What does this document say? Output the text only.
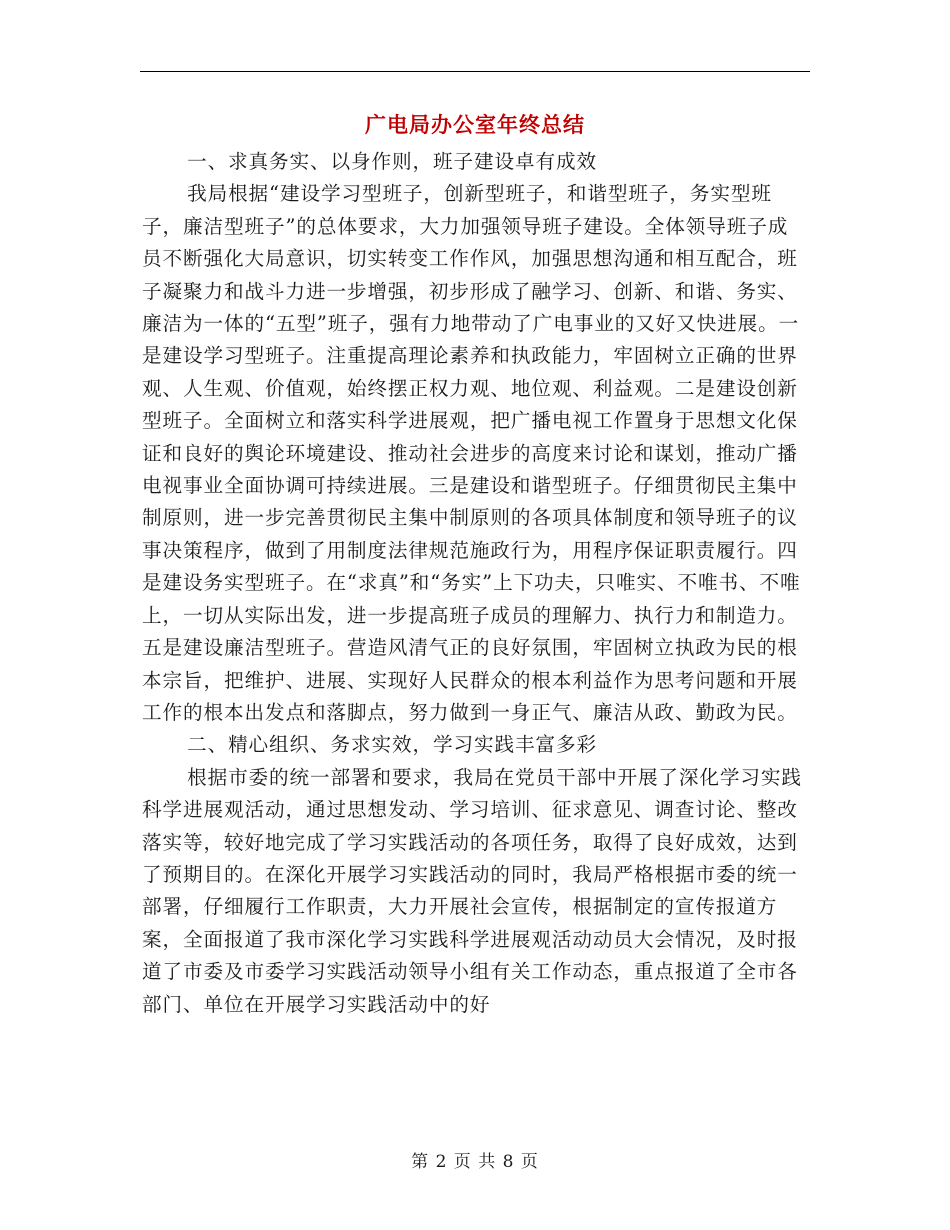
广电局办公室年终总结

一、求真务实、以身作则，班子建设卓有成效

我局根据“建设学习型班子，创新型班子，和谐型班子，务实型班子，廉洁型班子”的总体要求，大力加强领导班子建设。全体领导班子成员不断强化大局意识，切实转变工作作风，加强思想沟通和相互配合，班子凝聚力和战斗力进一步增强，初步形成了融学习、创新、和谐、务实、廉洁为一体的“五型”班子，强有力地带动了广电事业的又好又快进展。一是建设学习型班子。注重提高理论素养和执政能力，牢固树立正确的世界观、人生观、价值观，始终摆正权力观、地位观、利益观。二是建设创新型班子。全面树立和落实科学进展观，把广播电视工作置身于思想文化保证和良好的舆论环境建设、推动社会进步的高度来讨论和谋划，推动广播电视事业全面协调可持续进展。三是建设和谐型班子。仔细贯彻民主集中制原则，进一步完善贯彻民主集中制原则的各项具体制度和领导班子的议事决策程序，做到了用制度法律规范施政行为，用程序保证职责履行。四是建设务实型班子。在“求真”和“务实”上下功夫，只唯实、不唯书、不唯上，一切从实际出发，进一步提高班子成员的理解力、执行力和制造力。五是建设廉洁型班子。营造风清气正的良好氛围，牢固树立执政为民的根本宗旨，把维护、进展、实现好人民群众的根本利益作为思考问题和开展工作的根本出发点和落脚点，努力做到一身正气、廉洁从政、勤政为民。

二、精心组织、务求实效，学习实践丰富多彩

根据市委的统一部署和要求，我局在党员干部中开展了深化学习实践科学进展观活动，通过思想发动、学习培训、征求意见、调查讨论、整改落实等，较好地完成了学习实践活动的各项任务，取得了良好成效，达到了预期目的。在深化开展学习实践活动的同时，我局严格根据市委的统一部署，仔细履行工作职责，大力开展社会宣传，根据制定的宣传报道方案，全面报道了我市深化学习实践科学进展观活动动员大会情况，及时报道了市委及市委学习实践活动领导小组有关工作动态，重点报道了全市各部门、单位在开展学习实践活动中的好

第 2 页 共 8 页
